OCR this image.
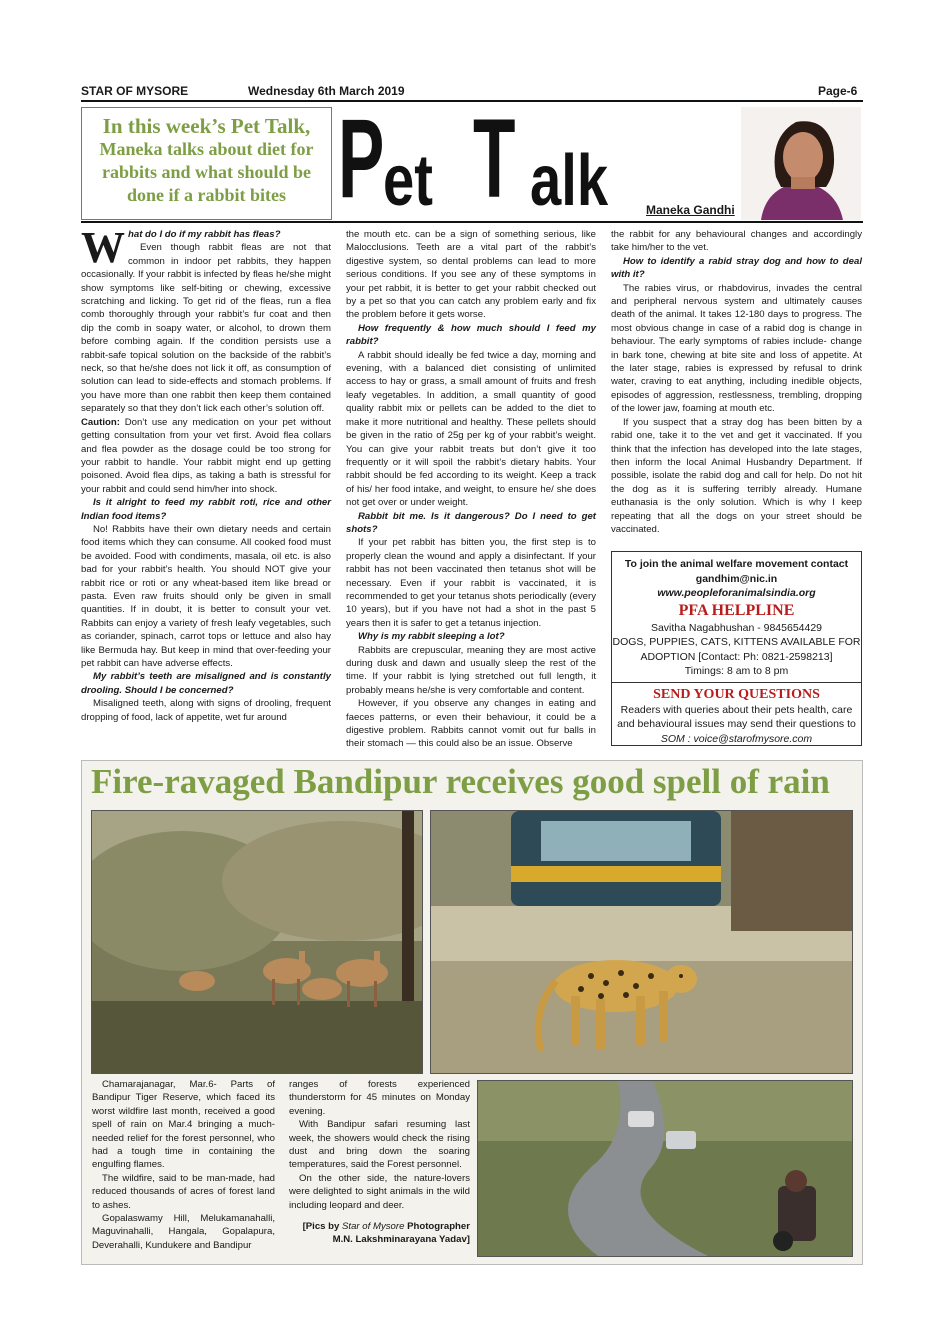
STAR OF MYSORE	Wednesday 6th March 2019	Page-6
In this week’s Pet Talk,
Maneka talks about diet for rabbits and what should be done if a rabbit bites P
et T alk	Maneka Gandhi

What do I do if my rabbit has fleas?

Even though rabbit fleas are not that common in indoor pet rabbits, they happen occasionally. If your rabbit is infected by fleas he/she might show symptoms like self-biting or chewing, excessive scratching and licking. To get rid of the fleas, run a flea comb thoroughly through your rabbit’s fur coat and then dip the comb in soapy water, or alcohol, to drown them before combing again. If the condition persists use a rabbit-safe topical solution on the backside of the rabbit’s neck, so that he/she does not lick it off, as consumption of solution can lead to side-effects and stomach problems. If you have more than one rabbit then keep them contained separately so that they don’t lick each other’s solution off.

Caution: Don’t use any medication on your pet without getting consultation from your vet first. Avoid flea collars and flea powder as the dosage could be too strong for your rabbit to handle. Your rabbit might end up getting poisoned. Avoid flea dips, as taking a bath is stressful for your rabbit and could send him/her into shock.

Is it alright to feed my rabbit roti, rice and other Indian food items?

No! Rabbits have their own dietary needs and certain food items which they can consume. All cooked food must be avoided. Food with condiments, masala, oil etc. is also bad for your rabbit’s health. You should NOT give your rabbit rice or roti or any wheat-based item like bread or pasta. Even raw fruits should only be given in small quantities. If in doubt, it is better to consult your vet. Rabbits can enjoy a variety of fresh leafy vegetables, such as coriander, spinach, carrot tops or lettuce and also hay like Bermuda hay. But keep in mind that over-feeding your pet rabbit can have adverse effects.

My rabbit’s teeth are misaligned and is constantly drooling. Should I be concerned?

Misaligned teeth, along with signs of drooling, frequent dropping of food, lack of appetite, wet fur around

the mouth etc. can be a sign of something serious, like Malocclusions. Teeth are a vital part of the rabbit’s digestive system, so dental problems can lead to more serious conditions. If you see any of these symptoms in your pet rabbit, it is better to get your rabbit checked out by a pet so that you can catch any problem early and fix the problem before it gets worse.

How frequently & how much should I feed my rabbit?

A rabbit should ideally be fed twice a day, morning and evening, with a balanced diet consisting of unlimited access to hay or grass, a small amount of fruits and fresh leafy vegetables. In addition, a small quantity of good quality rabbit mix or pellets can be added to the diet to make it more nutritional and healthy. These pellets should be given in the ratio of 25g per kg of your rabbit’s weight. You can give your rabbit treats but don’t give it too frequently or it will spoil the rabbit’s dietary habits. Your rabbit should be fed according to its weight. Keep a track of his/ her food intake, and weight, to ensure he/ she does not get over or under weight.

Rabbit bit me. Is it dangerous? Do I need to get shots?

If your pet rabbit has bitten you, the first step is to properly clean the wound and apply a disinfectant. If your rabbit has not been vaccinated then tetanus shot will be necessary. Even if your rabbit is vaccinated, it is recommended to get your tetanus shots periodically (every 10 years), but if you have not had a shot in the past 5 years then it is safer to get a tetanus injection.

Why is my rabbit sleeping a lot?

Rabbits are crepuscular, meaning they are most active during dusk and dawn and usually sleep the rest of the time. If your rabbit is lying stretched out full length, it probably means he/she is very comfortable and content.

However, if you observe any changes in eating and faeces patterns, or even their behaviour, it could be a digestive problem. Rabbits cannot vomit out fur balls in their stomach — this could also be an issue. Observe

the rabbit for any behavioural changes and accordingly take him/her to the vet.

How to identify a rabid stray dog and how to deal with it?

The rabies virus, or rhabdovirus, invades the central and peripheral nervous system and ultimately causes death of the animal. It takes 12-180 days to progress. The most obvious change in case of a rabid dog is change in behaviour. The early symptoms of rabies include- change in bark tone, chewing at bite site and loss of appetite. At the later stage, rabies is expressed by refusal to drink water, craving to eat anything, including inedible objects, episodes of aggression, restlessness, trembling, dropping of the lower jaw, foaming at mouth etc.

If you suspect that a stray dog has been bitten by a rabid one, take it to the vet and get it vaccinated. If you think that the infection has developed into the late stages, then inform the local Animal Husbandry Department. If possible, isolate the rabid dog and call for help. Do not hit the dog as it is suffering terribly already. Humane euthanasia is the only solution. Which is why I keep repeating that all the dogs on your street should be vaccinated.

To join the animal welfare movement contact
gandhim@nic.in
www.peopleforanimalsindia.org
PFA HELPLINE
Savitha Nagabhushan - 9845654429
DOGS, PUPPIES, CATS, KITTENS AVAILABLE FOR ADOPTION [Contact: Ph: 0821-2598213]
Timings: 8 am to 8 pm
SEND YOUR QUESTIONS
Readers with queries about their pets health, care and behavioural issues may send their questions to
SOM : voice@starofmysore.com
Fire-ravaged Bandipur receives good spell of rain

Chamarajanagar, Mar.6- Parts of Bandipur Tiger Reserve, which faced its worst wildfire last month, received a good spell of rain on Mar.4 bringing a much-needed relief for the forest personnel, who had a tough time in containing the engulfing flames.

The wildfire, said to be man-made, had reduced thousands of acres of forest land to ashes.

Gopalaswamy Hill, Melukamanahalli, Maguvinahalli, Hangala, Gopalapura, Deverahalli, Kundukere and Bandipur

ranges of forests experienced thunderstorm for 45 minutes on Monday evening.

With Bandipur safari resuming last week, the showers would check the rising dust and bring down the soaring temperatures, said the Forest personnel.

On the other side, the nature-lovers were delighted to sight animals in the wild including leopard and deer.

[Pics by Star of Mysore Photographer
M.N. Lakshminarayana Yadav]
